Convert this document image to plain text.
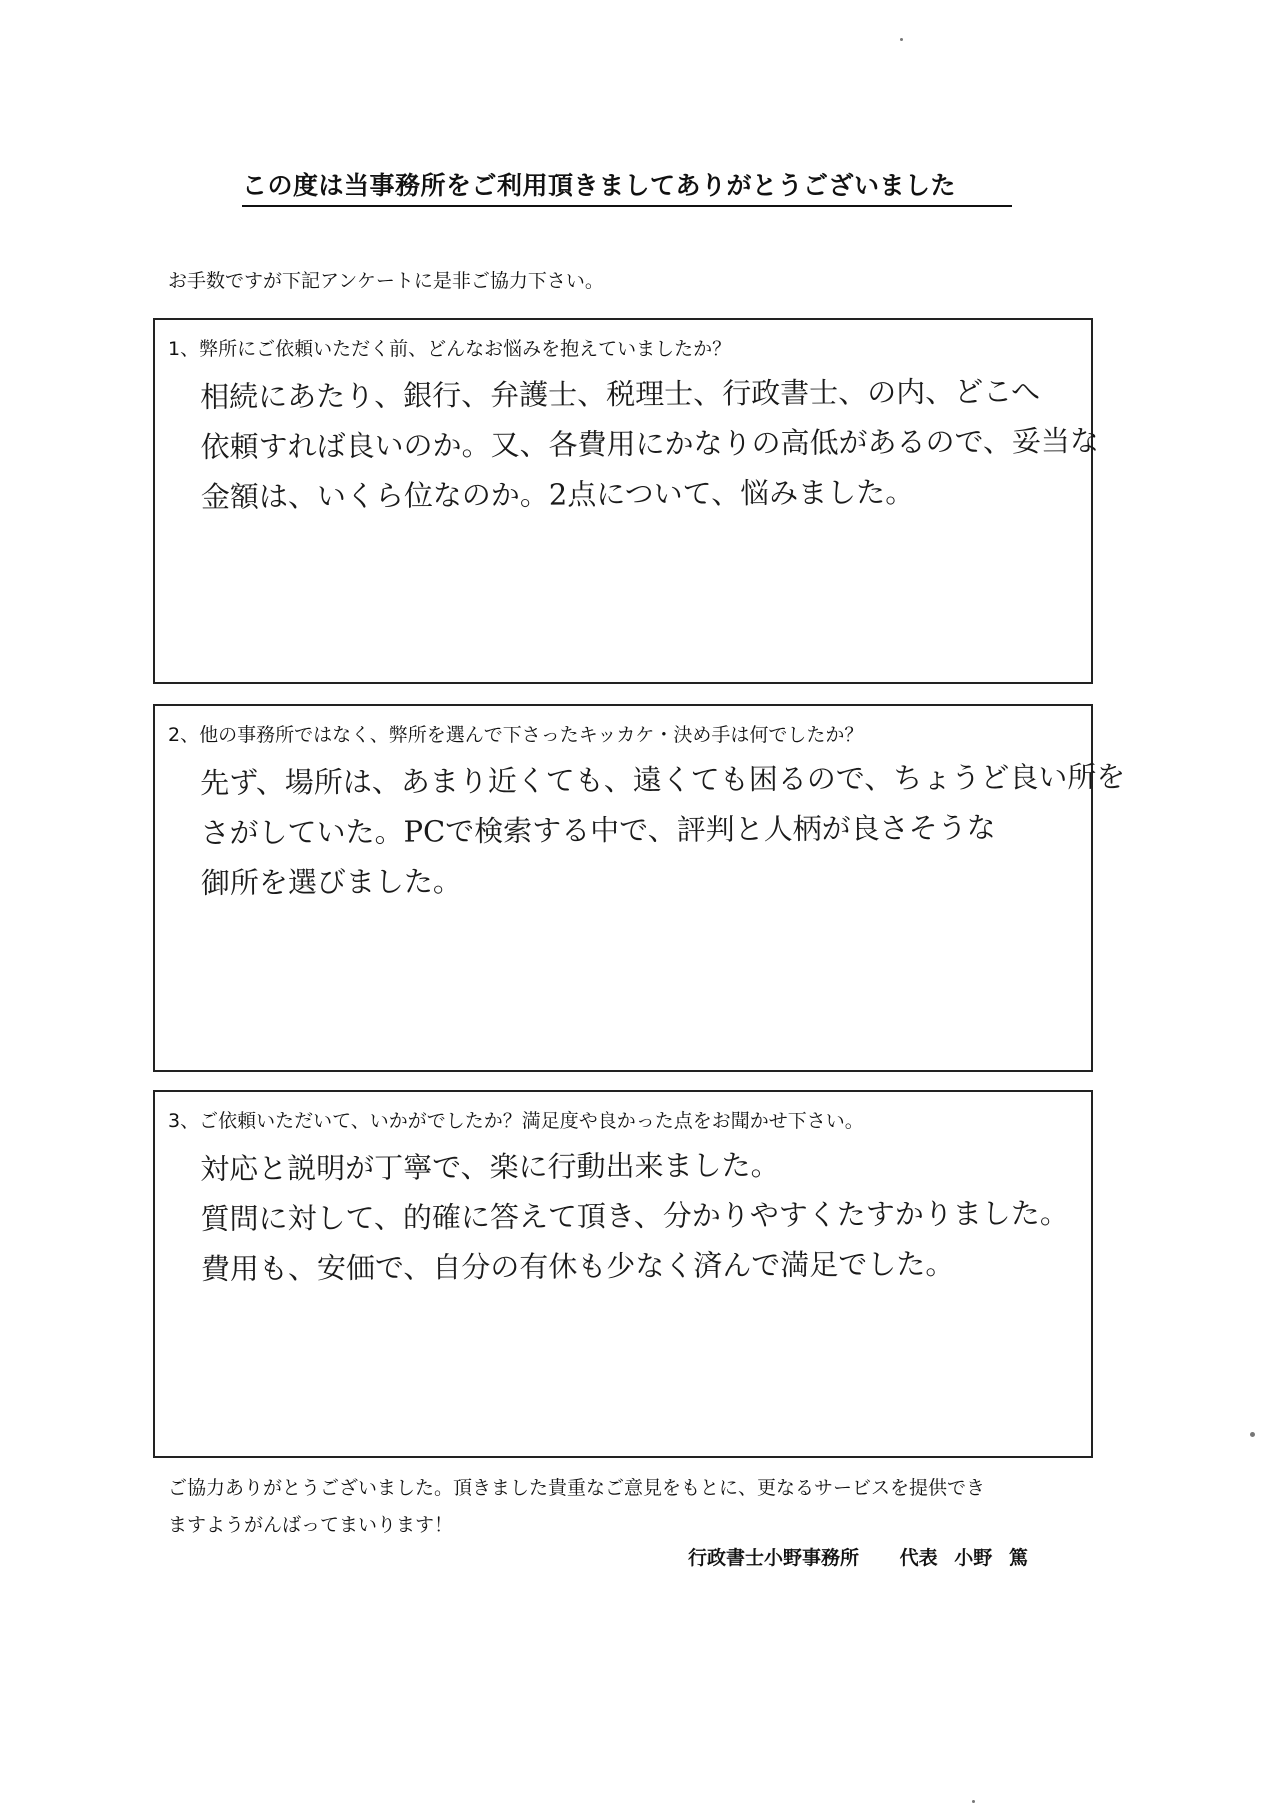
この度は当事務所をご利用頂きましてありがとうございました
お手数ですが下記アンケートに是非ご協力下さい。
1、弊所にご依頼いただく前、どんなお悩みを抱えていましたか？
相続にあたり、銀行、弁護士、税理士、行政書士、の内、どこへ
依頼すれば良いのか。又、各費用にかなりの高低があるので、妥当な
金額は、いくら位なのか。2点について、悩みました。
2、他の事務所ではなく、弊所を選んで下さったキッカケ・決め手は何でしたか？
先ず、場所は、あまり近くても、遠くても困るので、ちょうど良い所を
さがしていた。PCで検索する中で、評判と人柄が良さそうな
御所を選びました。
3、ご依頼いただいて、いかがでしたか？満足度や良かった点をお聞かせ下さい。
対応と説明が丁寧で、楽に行動出来ました。
質問に対して、的確に答えて頂き、分かりやすくたすかりました。
費用も、安価で、自分の有休も少なく済んで満足でした。
ご協力ありがとうございました。頂きました貴重なご意見をもとに、更なるサービスを提供でき
ますようがんばってまいります！
行政書士小野事務所 代表 小野 篤
